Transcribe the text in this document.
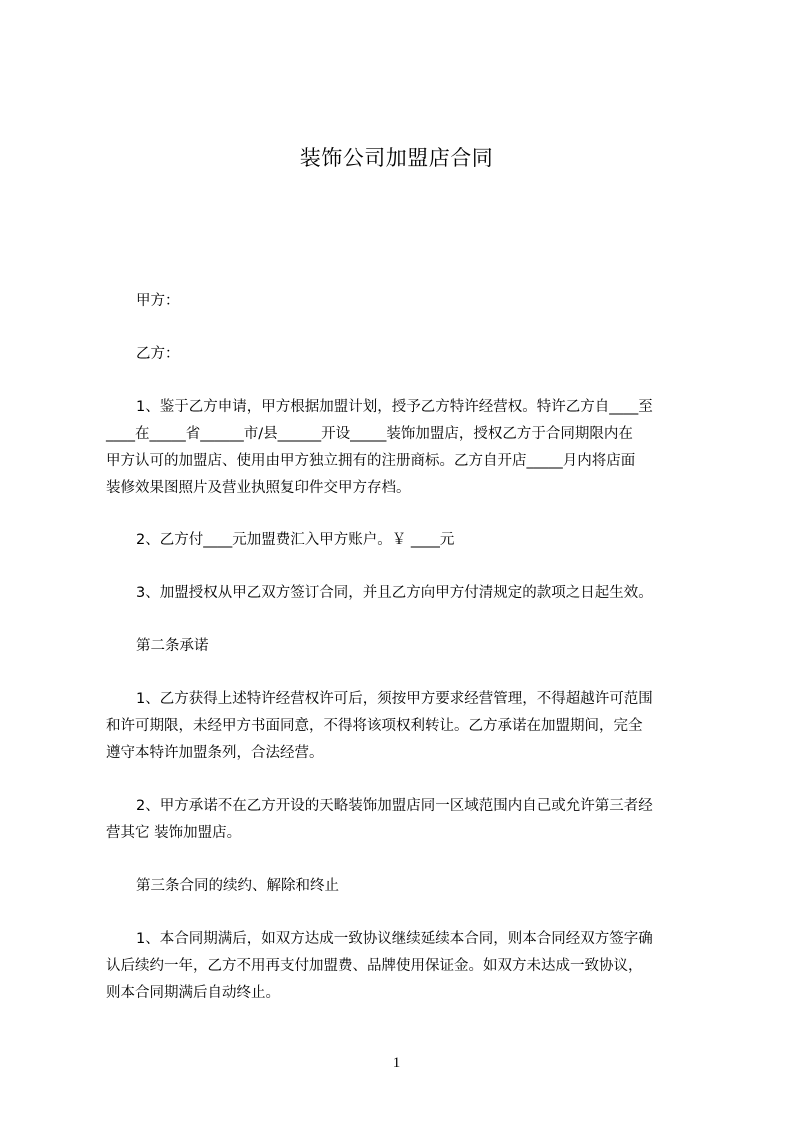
装饰公司加盟店合同
甲方：
乙方：
1、鉴于乙方申请，甲方根据加盟计划，授予乙方特许经营权。特许乙方自____至
____在_____省______市/县______开设_____装饰加盟店，授权乙方于合同期限内在
甲方认可的加盟店、使用由甲方独立拥有的注册商标。乙方自开店_____月内将店面
装修效果图照片及营业执照复印件交甲方存档。
2、乙方付____元加盟费汇入甲方账户。￥ ____元
3、加盟授权从甲乙双方签订合同，并且乙方向甲方付清规定的款项之日起生效。
第二条承诺
1、乙方获得上述特许经营权许可后，须按甲方要求经营管理，不得超越许可范围
和许可期限，未经甲方书面同意，不得将该项权利转让。乙方承诺在加盟期间，完全
遵守本特许加盟条列，合法经营。
2、甲方承诺不在乙方开设的天略装饰加盟店同一区域范围内自己或允许第三者经
营其它 装饰加盟店。
第三条合同的续约、解除和终止
1、本合同期满后，如双方达成一致协议继续延续本合同，则本合同经双方签字确
认后续约一年，乙方不用再支付加盟费、品牌使用保证金。如双方未达成一致协议，
则本合同期满后自动终止。
1
